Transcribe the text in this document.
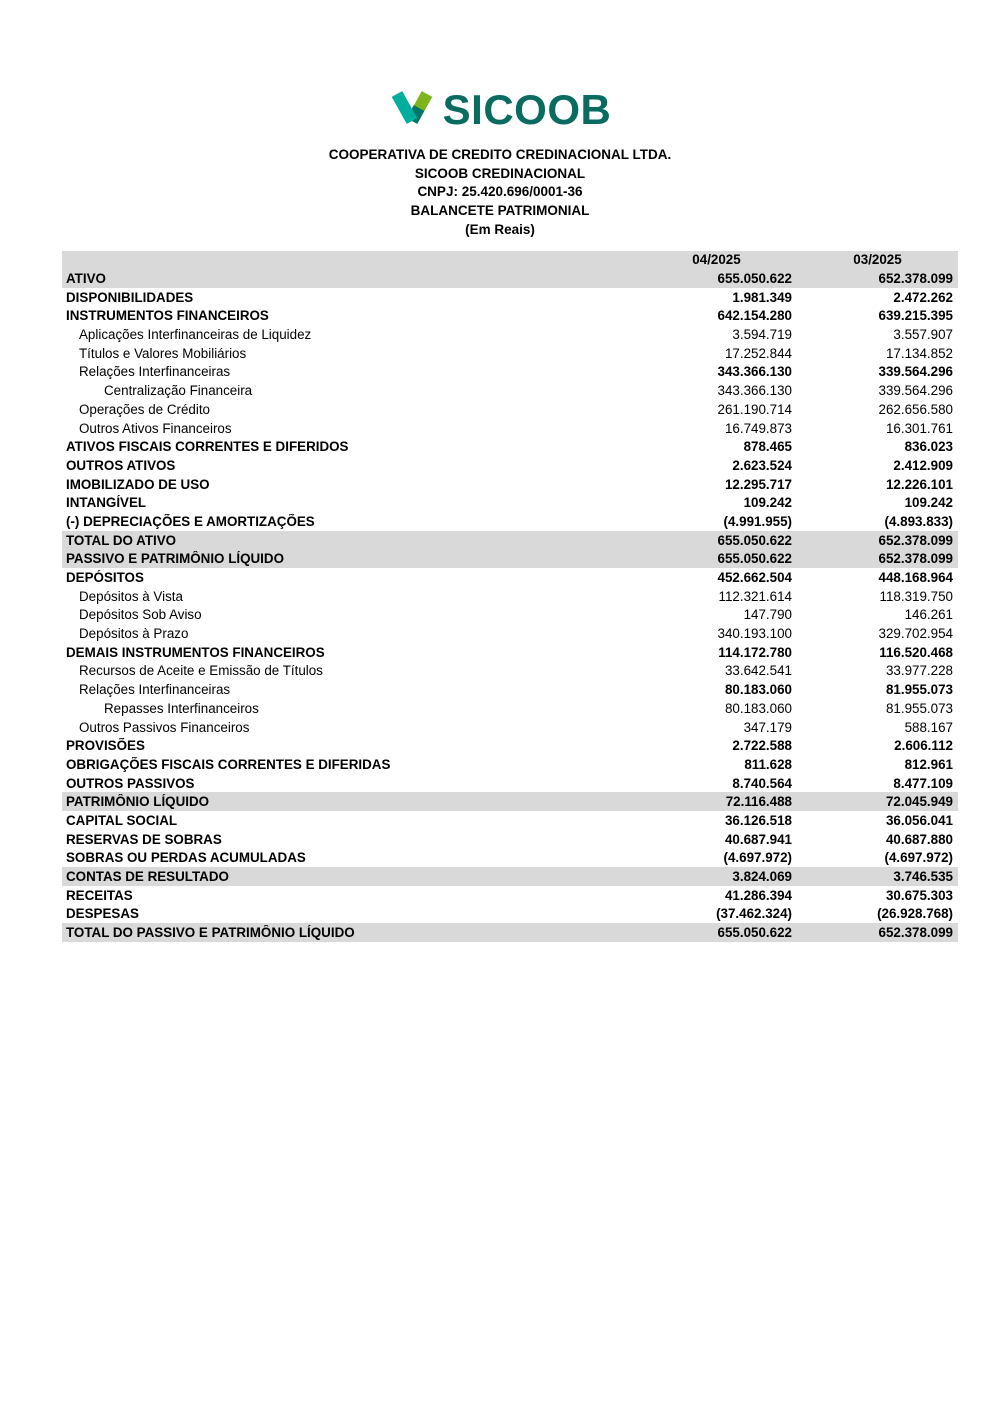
SICOOB
COOPERATIVA DE CREDITO CREDINACIONAL LTDA.
SICOOB CREDINACIONAL
CNPJ: 25.420.696/0001-36
BALANCETE PATRIMONIAL
(Em Reais)
04/2025	03/2025
ATIVO	655.050.622	652.378.099
DISPONIBILIDADES	1.981.349	2.472.262
INSTRUMENTOS FINANCEIROS	642.154.280	639.215.395
Aplicações Interfinanceiras de Liquidez	3.594.719	3.557.907
Títulos e Valores Mobiliários	17.252.844	17.134.852
Relações Interfinanceiras	343.366.130	339.564.296
Centralização Financeira	343.366.130	339.564.296
Operações de Crédito	261.190.714	262.656.580
Outros Ativos Financeiros	16.749.873	16.301.761
ATIVOS FISCAIS CORRENTES E DIFERIDOS	878.465	836.023
OUTROS ATIVOS	2.623.524	2.412.909
IMOBILIZADO DE USO	12.295.717	12.226.101
INTANGÍVEL	109.242	109.242
(-) DEPRECIAÇÕES E AMORTIZAÇÕES	(4.991.955)	(4.893.833)
TOTAL DO ATIVO	655.050.622	652.378.099
PASSIVO E PATRIMÔNIO LÍQUIDO	655.050.622	652.378.099
DEPÓSITOS	452.662.504	448.168.964
Depósitos à Vista	112.321.614	118.319.750
Depósitos Sob Aviso	147.790	146.261
Depósitos à Prazo	340.193.100	329.702.954
DEMAIS INSTRUMENTOS FINANCEIROS	114.172.780	116.520.468
Recursos de Aceite e Emissão de Títulos	33.642.541	33.977.228
Relações Interfinanceiras	80.183.060	81.955.073
Repasses Interfinanceiros	80.183.060	81.955.073
Outros Passivos Financeiros	347.179	588.167
PROVISÕES	2.722.588	2.606.112
OBRIGAÇÕES FISCAIS CORRENTES E DIFERIDAS	811.628	812.961
OUTROS PASSIVOS	8.740.564	8.477.109
PATRIMÔNIO LÍQUIDO	72.116.488	72.045.949
CAPITAL SOCIAL	36.126.518	36.056.041
RESERVAS DE SOBRAS	40.687.941	40.687.880
SOBRAS OU PERDAS ACUMULADAS	(4.697.972)	(4.697.972)
CONTAS DE RESULTADO	3.824.069	3.746.535
RECEITAS	41.286.394	30.675.303
DESPESAS	(37.462.324)	(26.928.768)
TOTAL DO PASSIVO E PATRIMÔNIO LÍQUIDO	655.050.622	652.378.099
